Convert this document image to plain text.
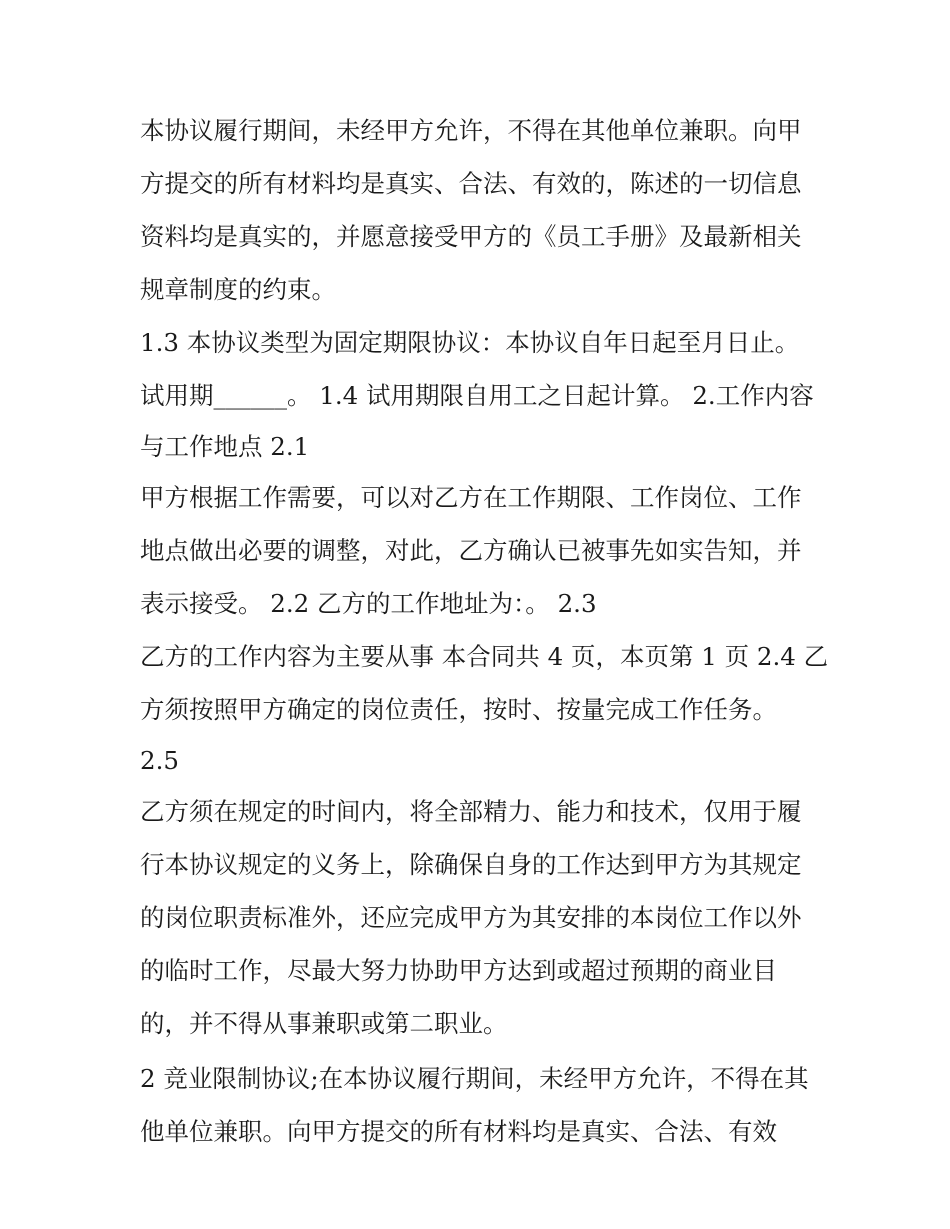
本协议履行期间，未经甲方允许，不得在其他单位兼职。向甲
方提交的所有材料均是真实、合法、有效的，陈述的一切信息
资料均是真实的，并愿意接受甲方的《员工手册》及最新相关
规章制度的约束。
1.3 本协议类型为固定期限协议：本协议自年日起至月日止。
试用期______。 1.4 试用期限自用工之日起计算。 2.工作内容
与工作地点 2.1
甲方根据工作需要，可以对乙方在工作期限、工作岗位、工作
地点做出必要的调整，对此，乙方确认已被事先如实告知，并
表示接受。 2.2 乙方的工作地址为：。 2.3
乙方的工作内容为主要从事 本合同共 4 页，本页第 1 页 2.4 乙
方须按照甲方确定的岗位责任，按时、按量完成工作任务。
2.5
乙方须在规定的时间内，将全部精力、能力和技术，仅用于履
行本协议规定的义务上，除确保自身的工作达到甲方为其规定
的岗位职责标准外，还应完成甲方为其安排的本岗位工作以外
的临时工作，尽最大努力协助甲方达到或超过预期的商业目
的，并不得从事兼职或第二职业。
2 竞业限制协议;在本协议履行期间，未经甲方允许，不得在其
他单位兼职。向甲方提交的所有材料均是真实、合法、有效
